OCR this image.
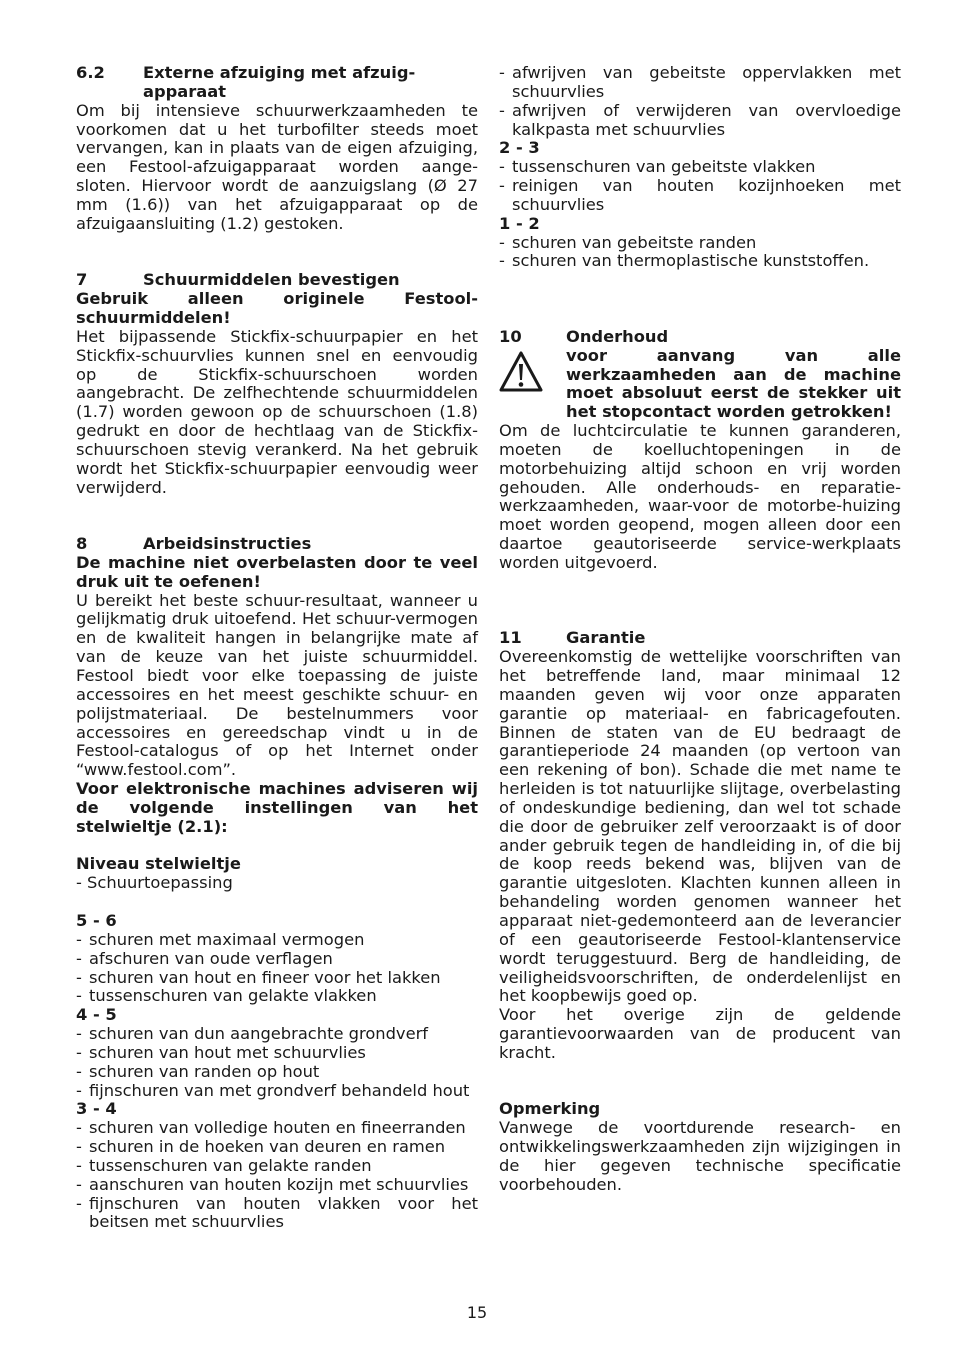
6.2	Externe afzuiging met afzuig-apparaat

Om bij intensieve schuurwerkzaamheden te voorkomen dat u het turbofilter steeds moet vervangen, kan in plaats van de eigen afzuiging, een Festool-afzuigapparaat worden aange-sloten. Hiervoor wordt de aanzuigslang (Ø 27 mm (1.6)) van het afzuigapparaat op de afzuigaansluiting (1.2) gestoken.

7	Schuurmiddelen bevestigen

Gebruik alleen originele Festool-schuurmiddelen!

Het bijpassende Stickfix-schuurpapier en het Stickfix-schuurvlies kunnen snel en eenvoudig op de Stickfix-schuurschoen worden aangebracht. De zelfhechtende schuurmiddelen (1.7) worden gewoon op de schuurschoen (1.8) gedrukt en door de hechtlaag van de Stickfix-schuurschoen stevig verankerd. Na het gebruik wordt het Stickfix-schuurpapier eenvoudig weer verwijderd.

8	Arbeidsinstructies

De machine niet overbelasten door te veel druk uit te oefenen!

U bereikt het beste schuur-resultaat, wanneer u gelijkmatig druk uitoefend. Het schuur-vermogen en de kwaliteit hangen in belangrijke mate af van de keuze van het juiste schuurmiddel. Festool biedt voor elke toepassing de juiste accessoires en het meest geschikte schuur- en polijstmateriaal. De bestelnummers voor accessoires en gereedschap vindt u in de Festool-catalogus of op het Internet onder “www.festool.com”.

Voor elektronische machines adviseren wij de volgende instellingen van het stelwieltje (2.1):

Niveau stelwieltje

- Schuurtoepassing

5 - 6

- schuren met maximaal vermogen
- afschuren van oude verflagen
- schuren van hout en fineer voor het lakken
- tussenschuren van gelakte vlakken

4 - 5

- schuren van dun aangebrachte grondverf
- schuren van hout met schuurvlies
- schuren van randen op hout
- fijnschuren van met grondverf behandeld hout

3 - 4

- schuren van volledige houten en fineerranden
- schuren in de hoeken van deuren en ramen
- tussenschuren van gelakte randen
- aanschuren van houten kozijn met schuurvlies
- fijnschuren van houten vlakken voor het beitsen met schuurvlies
- afwrijven van gebeitste oppervlakken met schuurvlies
- afwrijven of verwijderen van overvloedige kalkpasta met schuurvlies

2 - 3

- tussenschuren van gebeitste vlakken
- reinigen van houten kozijnhoeken met schuurvlies

1 - 2

- schuren van gebeitste randen
- schuren van thermoplastische kunststoffen.
10	Onderhoud
voor aanvang van alle werkzaamheden aan de machine moet absoluut eerst de stekker uit het stopcontact worden getrokken!

Om de luchtcirculatie te kunnen garanderen, moeten de koelluchtopeningen in de motorbehuizing altijd schoon en vrij worden gehouden. Alle onderhouds- en reparatie-werkzaamheden, waar-voor de motorbe-huizing moet worden geopend, mogen alleen door een daartoe geautoriseerde service-werkplaats worden uitgevoerd.

11	Garantie

Overeenkomstig de wettelijke voorschriften van het betreffende land, maar minimaal 12 maanden geven wij voor onze apparaten garantie op materiaal- en fabricagefouten. Binnen de staten van de EU bedraagt de garantieperiode 24 maanden (op vertoon van een rekening of bon). Schade die met name te herleiden is tot natuurlijke slijtage, overbelasting of ondeskundige bediening, dan wel tot schade die door de gebruiker zelf veroorzaakt is of door ander gebruik tegen de handleiding in, of die bij de koop reeds bekend was, blijven van de garantie uitgesloten. Klachten kunnen alleen in behandeling worden genomen wanneer het apparaat niet-gedemonteerd aan de leverancier of een geautoriseerde Festool-klantenservice wordt teruggestuurd. Berg de handleiding, de veiligheidsvoorschriften, de onderdelenlijst en het koopbewijs goed op.

Voor het overige zijn de geldende garantievoorwaarden van de producent van kracht.

Opmerking

Vanwege de voortdurende research- en ontwikkelingswerkzaamheden zijn wijzigingen in de hier gegeven technische specificatie voorbehouden.

15
